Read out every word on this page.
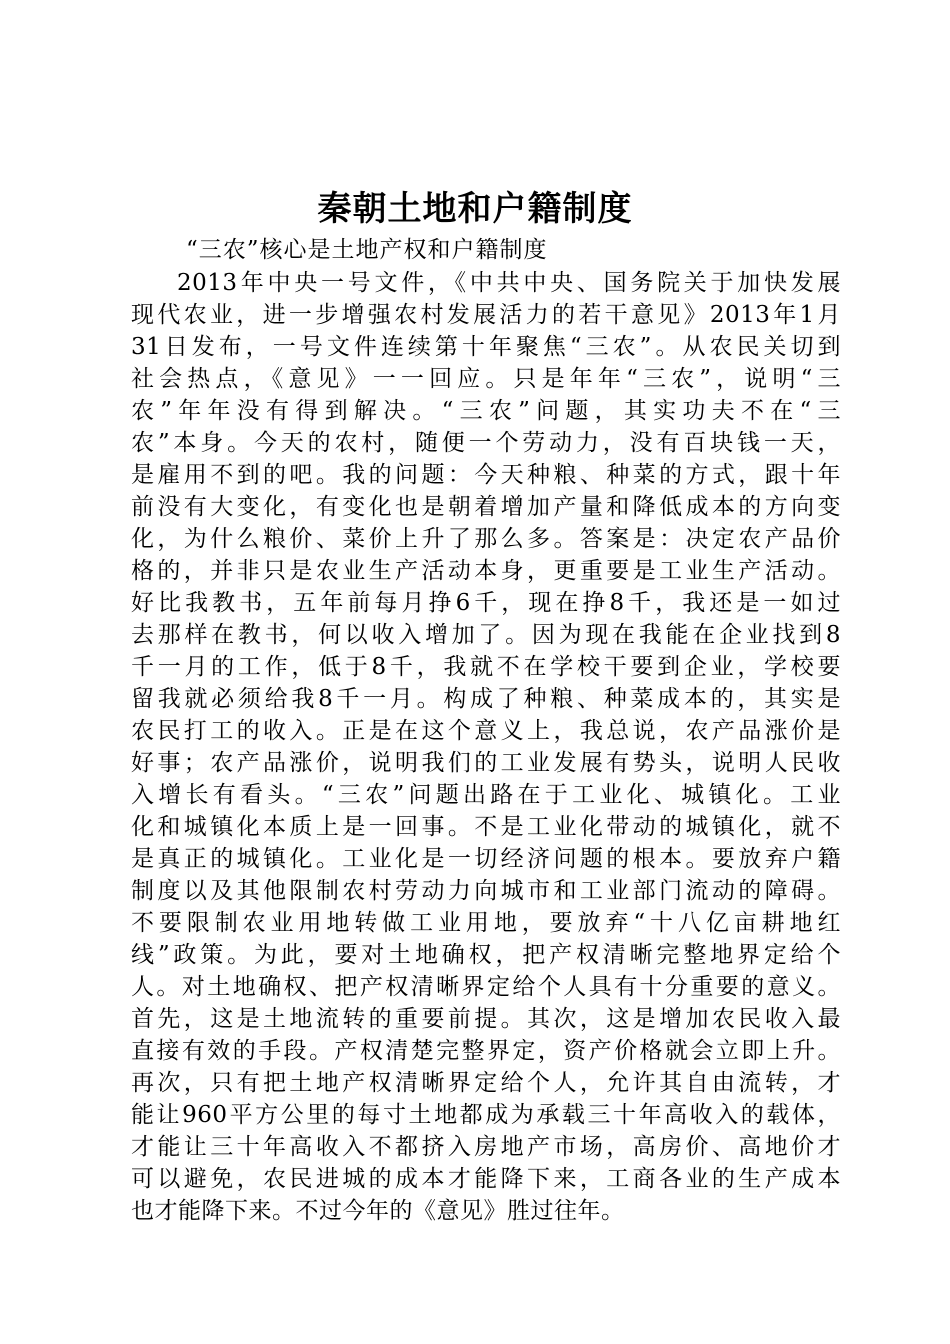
秦朝土地和户籍制度

“三农”核心是土地产权和户籍制度

2013年中央一号文件，《中共中央、国务院关于加快发展
现代农业，进一步增强农村发展活力的若干意见》2013年1月
31日发布，一号文件连续第十年聚焦“三农”。从农民关切到
社会热点，《意见》一一回应。只是年年“三农”，说明“三
农”年年没有得到解决。“三农”问题，其实功夫不在“三
农”本身。今天的农村，随便一个劳动力，没有百块钱一天，
是雇用不到的吧。我的问题：今天种粮、种菜的方式，跟十年
前没有大变化，有变化也是朝着增加产量和降低成本的方向变
化，为什么粮价、菜价上升了那么多。答案是：决定农产品价
格的，并非只是农业生产活动本身，更重要是工业生产活动。
好比我教书，五年前每月挣6千，现在挣8千，我还是一如过
去那样在教书，何以收入增加了。因为现在我能在企业找到8
千一月的工作，低于8千，我就不在学校干要到企业，学校要
留我就必须给我8千一月。构成了种粮、种菜成本的，其实是
农民打工的收入。正是在这个意义上，我总说，农产品涨价是
好事；农产品涨价，说明我们的工业发展有势头，说明人民收
入增长有看头。“三农”问题出路在于工业化、城镇化。工业
化和城镇化本质上是一回事。不是工业化带动的城镇化，就不
是真正的城镇化。工业化是一切经济问题的根本。要放弃户籍
制度以及其他限制农村劳动力向城市和工业部门流动的障碍。
不要限制农业用地转做工业用地，要放弃“十八亿亩耕地红
线”政策。为此，要对土地确权，把产权清晰完整地界定给个
人。对土地确权、把产权清晰界定给个人具有十分重要的意义。
首先，这是土地流转的重要前提。其次，这是增加农民收入最
直接有效的手段。产权清楚完整界定，资产价格就会立即上升。
再次，只有把土地产权清晰界定给个人，允许其自由流转，才
能让960平方公里的每寸土地都成为承载三十年高收入的载体，
才能让三十年高收入不都挤入房地产市场，高房价、高地价才
可以避免，农民进城的成本才能降下来，工商各业的生产成本
也才能降下来。不过今年的《意见》胜过往年。
